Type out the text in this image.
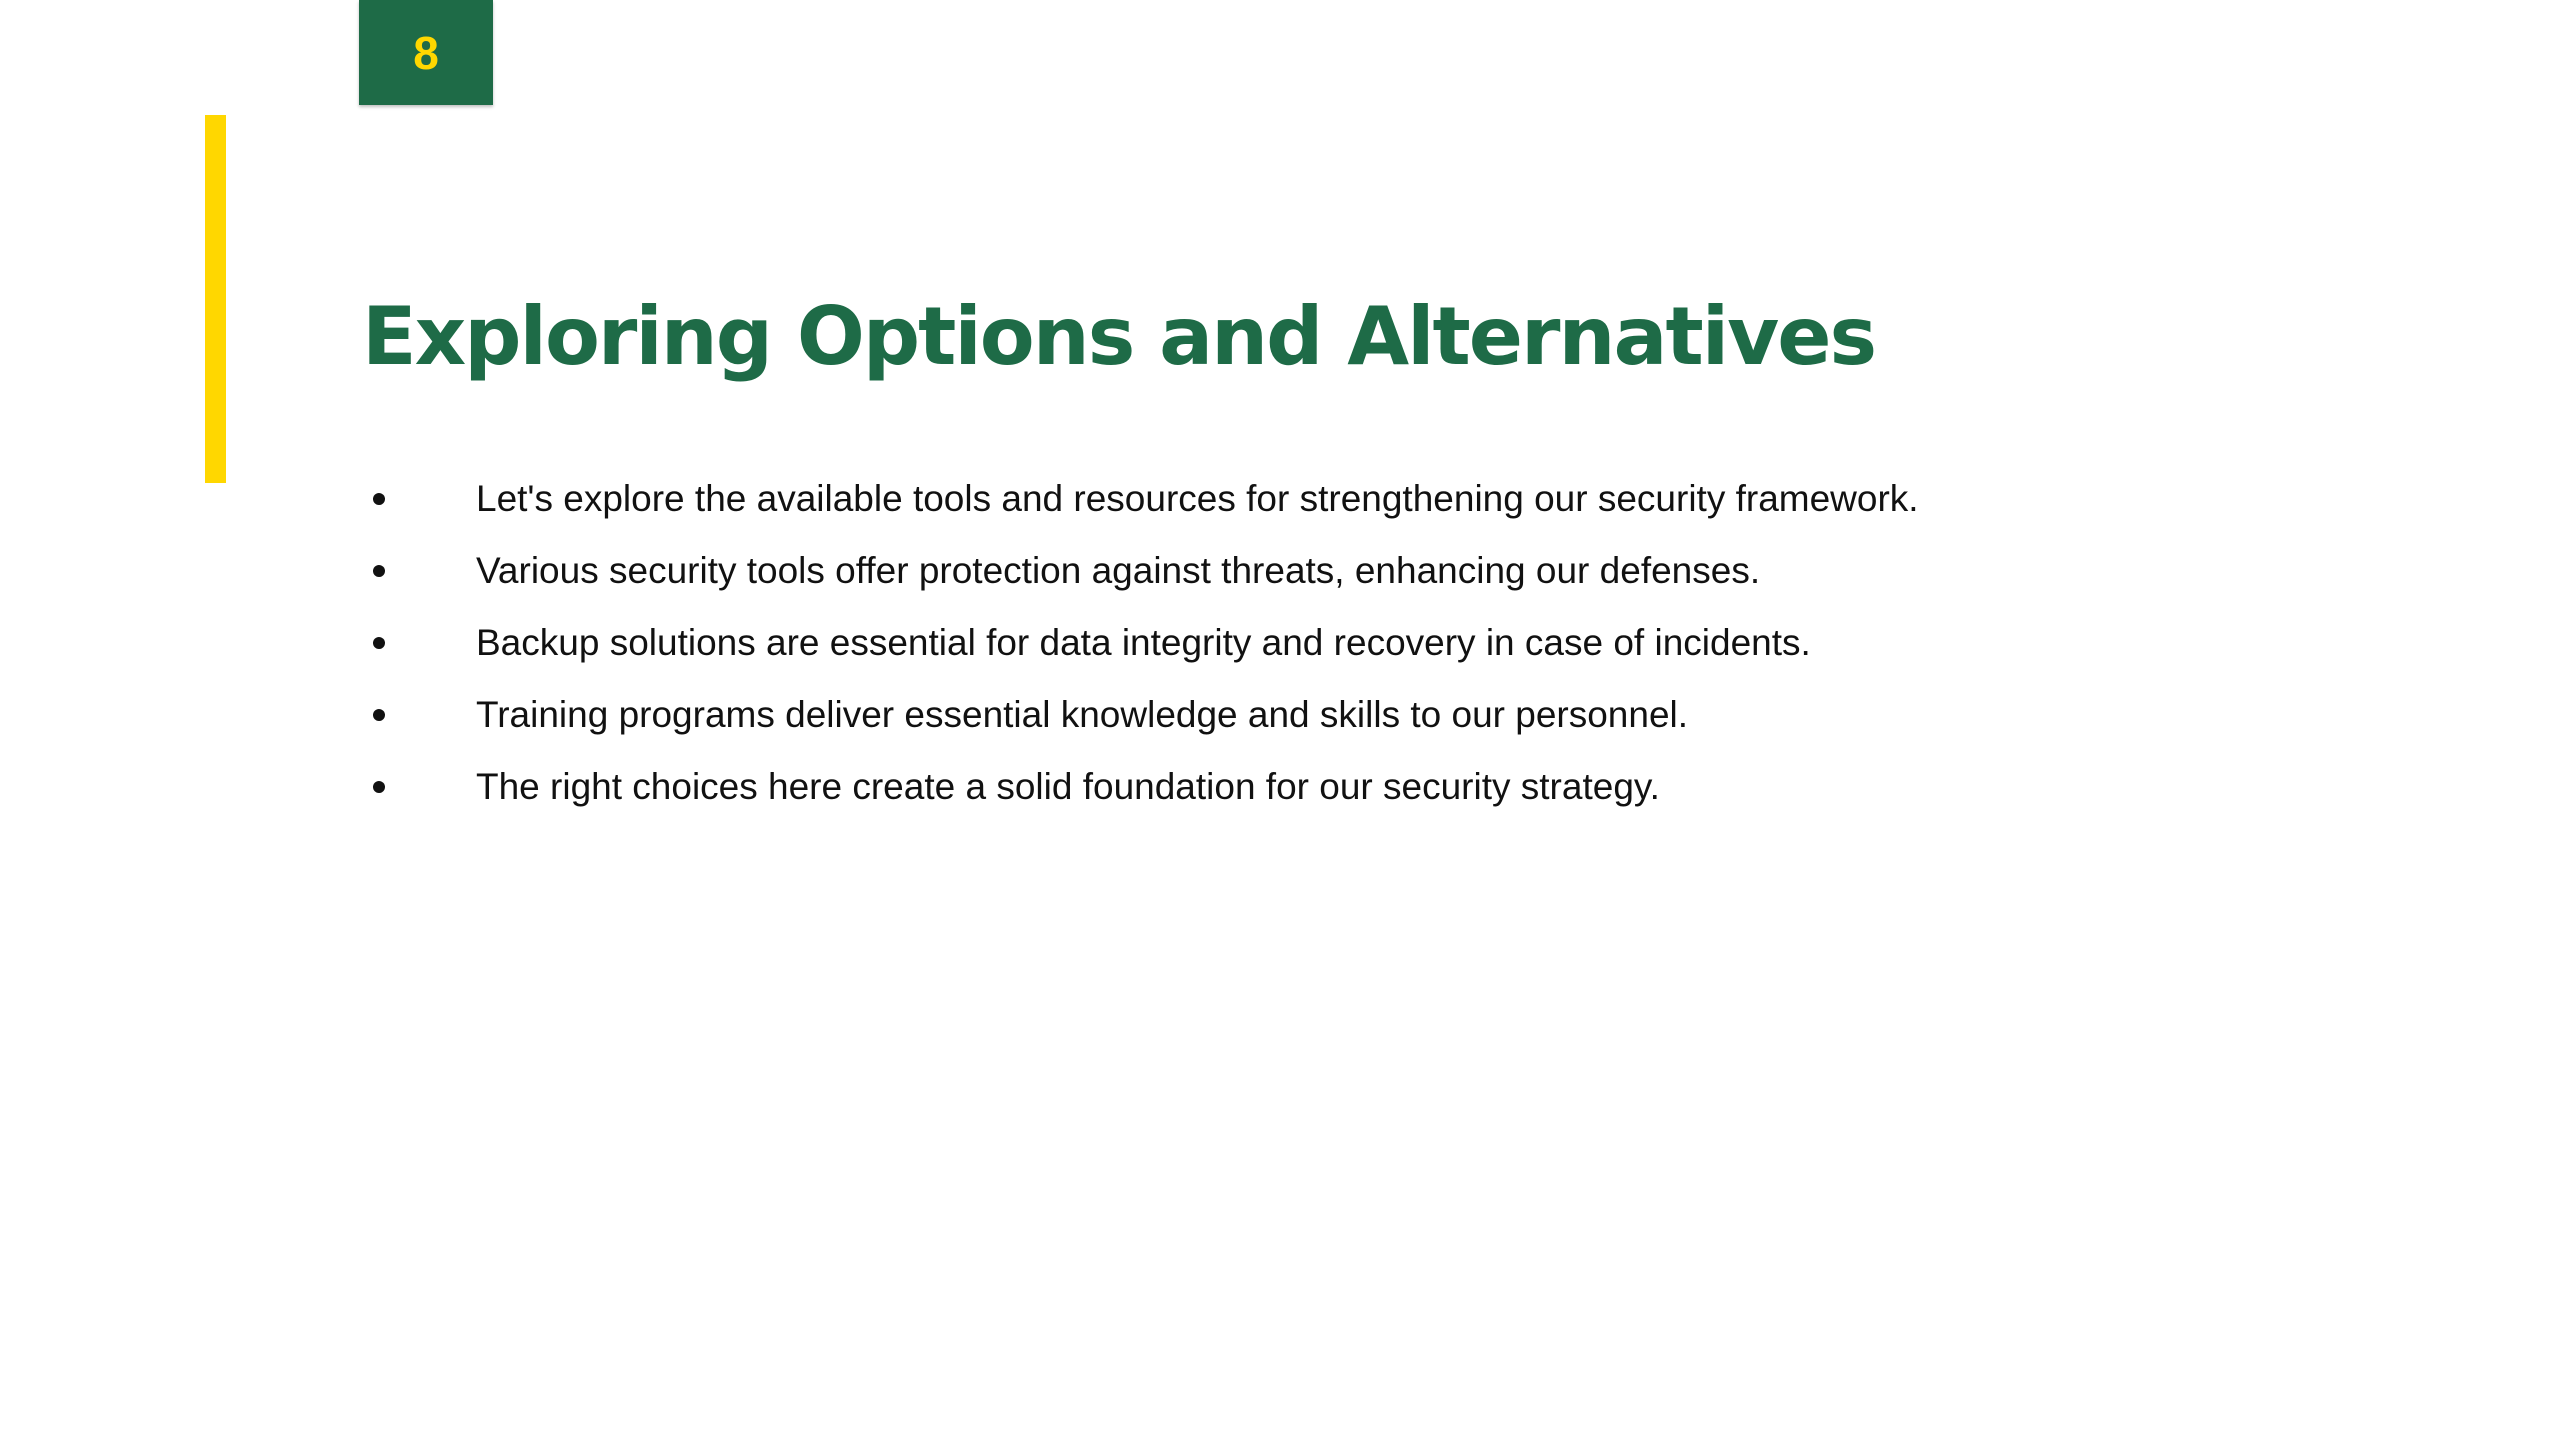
8
Exploring Options and Alternatives
Let's explore the available tools and resources for strengthening our security framework.
Various security tools offer protection against threats, enhancing our defenses.
Backup solutions are essential for data integrity and recovery in case of incidents.
Training programs deliver essential knowledge and skills to our personnel.
The right choices here create a solid foundation for our security strategy.
